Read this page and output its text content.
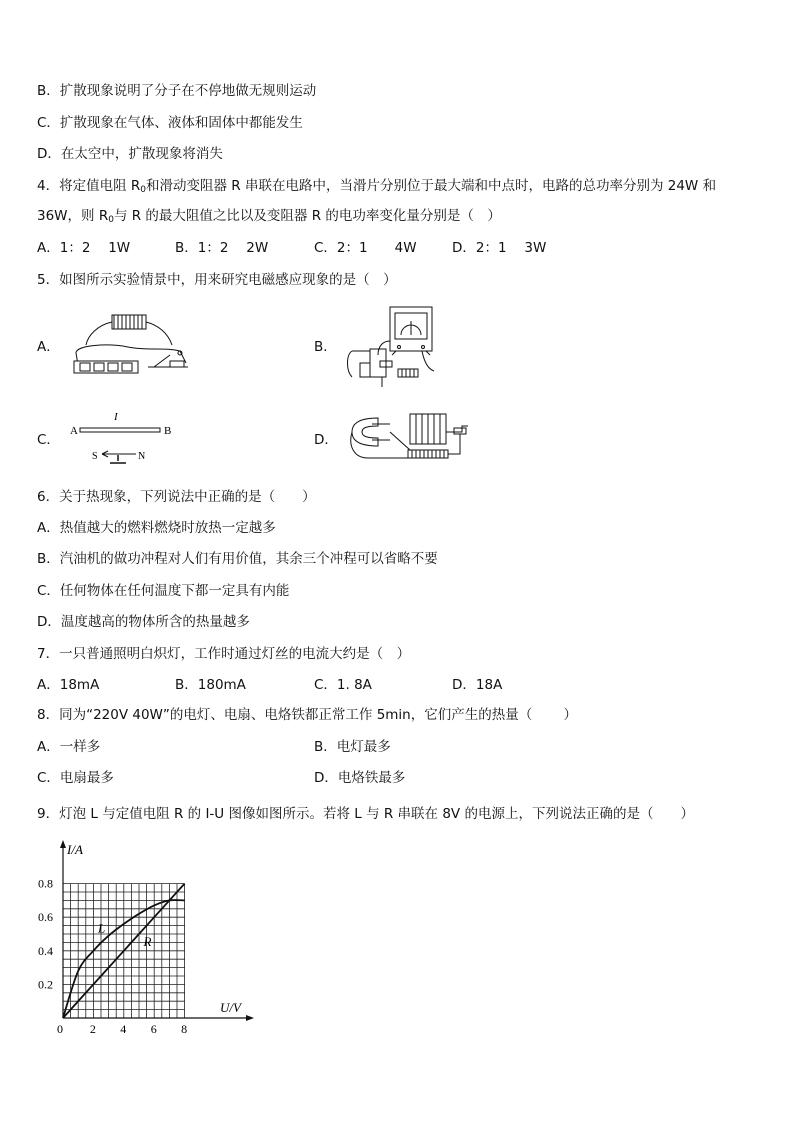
B．扩散现象说明了分子在不停地做无规则运动
C．扩散现象在气体、液体和固体中都能发生
D．在太空中，扩散现象将消失
4．将定值电阻 $R_0$和滑动变阻器 R 串联在电路中，当滑片分别位于最大端和中点时，电路的总功率分别为 24W 和
36W，则 $R_0$与 R 的最大阻值之比以及变阻器 R 的电功率变化量分别是（　）
A．1：2　 1W	B．1：2　 2W	C．2：1　　4W	D．2：1　 3W
5．如图所示实验情景中，用来研究电磁感应现象的是（　）
A．	B．
C．	D．
I
A	B
S	N
6．关于热现象，下列说法中正确的是（　　）
A．热值越大的燃料燃烧时放热一定越多
B．汽油机的做功冲程对人们有用价值，其余三个冲程可以省略不要
C．任何物体在任何温度下都一定具有内能
D．温度越高的物体所含的热量越多
7．一只普通照明白炽灯，工作时通过灯丝的电流大约是（　）
A．18mA	B．180mA	C．1. 8A	D．18A
8．同为“220V 40W”的电灯、电扇、电烙铁都正常工作 5min，它们产生的热量（　　 ）
A．一样多	B．电灯最多
C．电扇最多	D．电烙铁最多
9．灯泡 L 与定值电阻 R 的 I-U 图像如图所示。若将 L 与 R 串联在 8V 的电源上，下列说法正确的是（　　）
I/A
U/V
0 2 4 6 8
0.2
0.4
0.6
0.8
R
L
